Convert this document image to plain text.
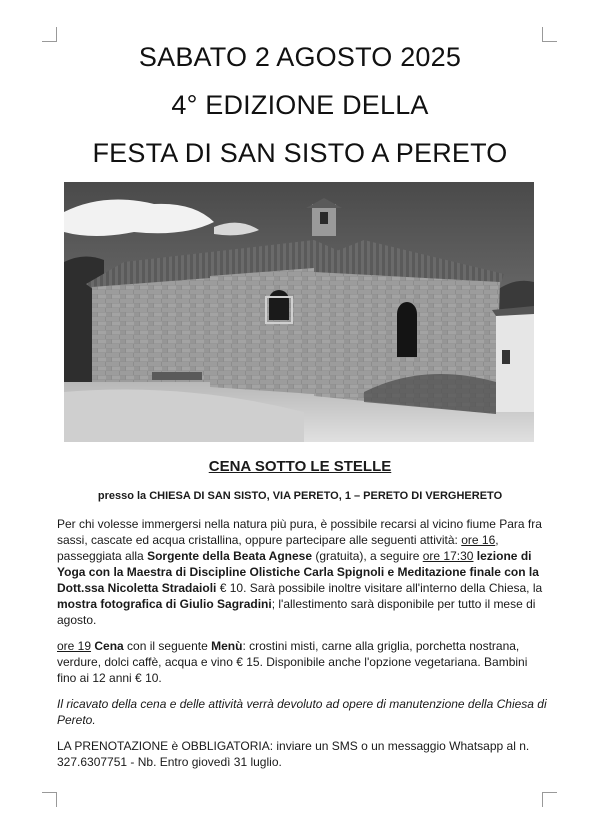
SABATO 2 AGOSTO 2025
4° EDIZIONE DELLA
FESTA DI SAN SISTO A PERETO
CENA SOTTO LE STELLE
presso la CHIESA DI SAN SISTO, VIA PERETO, 1 – PERETO DI VERGHERETO

Per chi volesse immergersi nella natura più pura, è possibile recarsi al vicino fiume Para fra sassi, cascate ed acqua cristallina, oppure partecipare alle seguenti attività: ore 16, passeggiata alla Sorgente della Beata Agnese (gratuita), a seguire ore 17:30 lezione di Yoga con la Maestra di Discipline Olistiche Carla Spignoli e Meditazione finale con la Dott.ssa Nicoletta Stradaioli € 10. Sarà possibile inoltre visitare all'interno della Chiesa, la mostra fotografica di Giulio Sagradini; l'allestimento sarà disponibile per tutto il mese di agosto.

ore 19 Cena con il seguente Menù: crostini misti, carne alla griglia, porchetta nostrana, verdure, dolci caffè, acqua e vino € 15. Disponibile anche l'opzione vegetariana. Bambini fino ai 12 anni € 10.

Il ricavato della cena e delle attività verrà devoluto ad opere di manutenzione della Chiesa di Pereto.

LA PRENOTAZIONE è OBBLIGATORIA: inviare un SMS o un messaggio Whatsapp al n. 327.6307751 - Nb. Entro giovedì 31 luglio.
